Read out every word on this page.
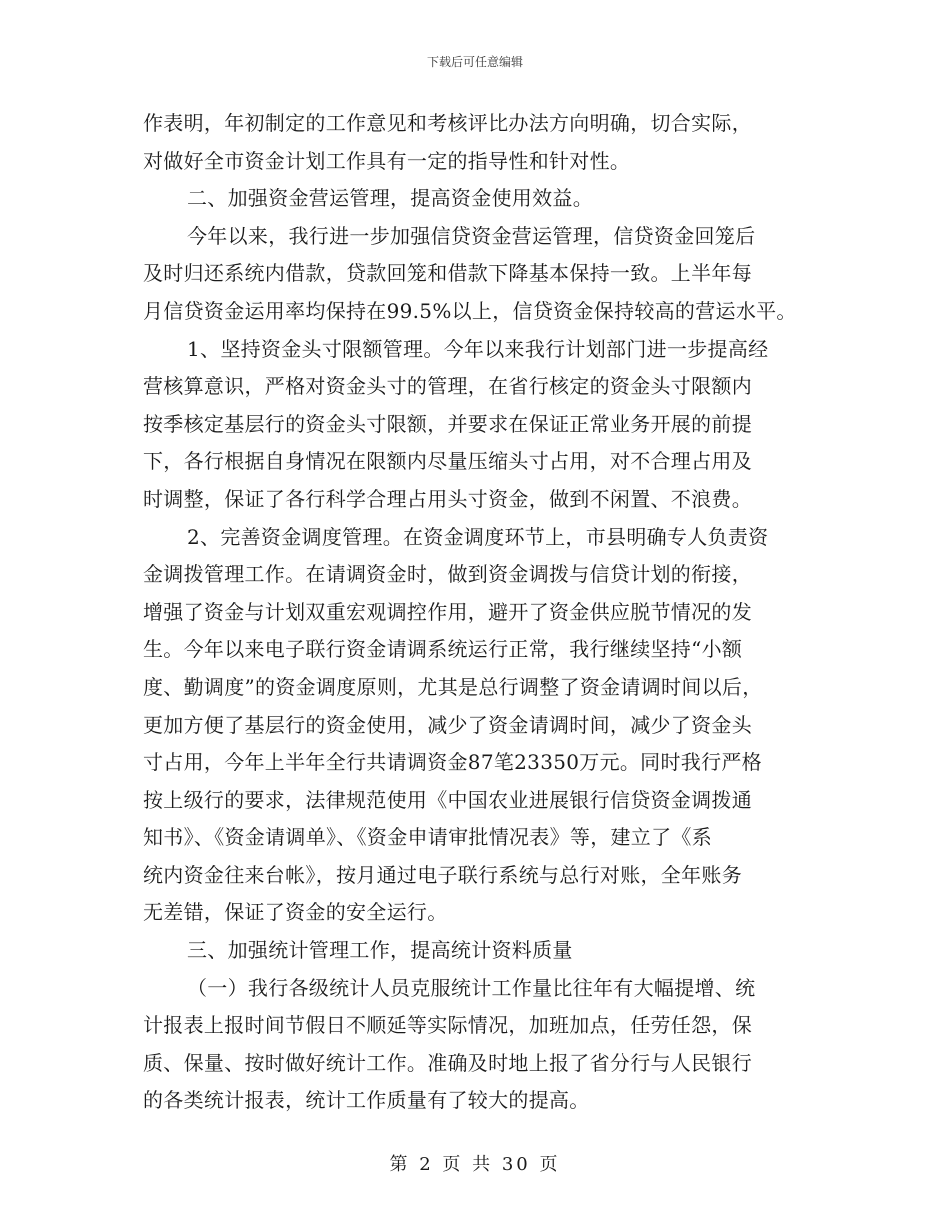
下载后可任意编辑
作表明，年初制定的工作意见和考核评比办法方向明确，切合实际，
对做好全市资金计划工作具有一定的指导性和针对性。
二、加强资金营运管理，提高资金使用效益。
今年以来，我行进一步加强信贷资金营运管理，信贷资金回笼后
及时归还系统内借款，贷款回笼和借款下降基本保持一致。上半年每
月信贷资金运用率均保持在99.5%以上，信贷资金保持较高的营运水平。
1、坚持资金头寸限额管理。今年以来我行计划部门进一步提高经
营核算意识，严格对资金头寸的管理，在省行核定的资金头寸限额内
按季核定基层行的资金头寸限额，并要求在保证正常业务开展的前提
下，各行根据自身情况在限额内尽量压缩头寸占用，对不合理占用及
时调整，保证了各行科学合理占用头寸资金，做到不闲置、不浪费。
2、完善资金调度管理。在资金调度环节上，市县明确专人负责资
金调拨管理工作。在请调资金时，做到资金调拨与信贷计划的衔接，
增强了资金与计划双重宏观调控作用，避开了资金供应脱节情况的发
生。今年以来电子联行资金请调系统运行正常，我行继续坚持“小额
度、勤调度”的资金调度原则，尤其是总行调整了资金请调时间以后，
更加方便了基层行的资金使用，减少了资金请调时间，减少了资金头
寸占用，今年上半年全行共请调资金87笔23350万元。同时我行严格
按上级行的要求，法律规范使用《中国农业进展银行信贷资金调拨通
知书》、《资金请调单》、《资金申请审批情况表》等，建立了《系
统内资金往来台帐》，按月通过电子联行系统与总行对账，全年账务
无差错，保证了资金的安全运行。
三、加强统计管理工作，提高统计资料质量
（一）我行各级统计人员克服统计工作量比往年有大幅提增、统
计报表上报时间节假日不顺延等实际情况，加班加点，任劳任怨，保
质、保量、按时做好统计工作。准确及时地上报了省分行与人民银行
的各类统计报表，统计工作质量有了较大的提高。
第 2 页 共 30 页
